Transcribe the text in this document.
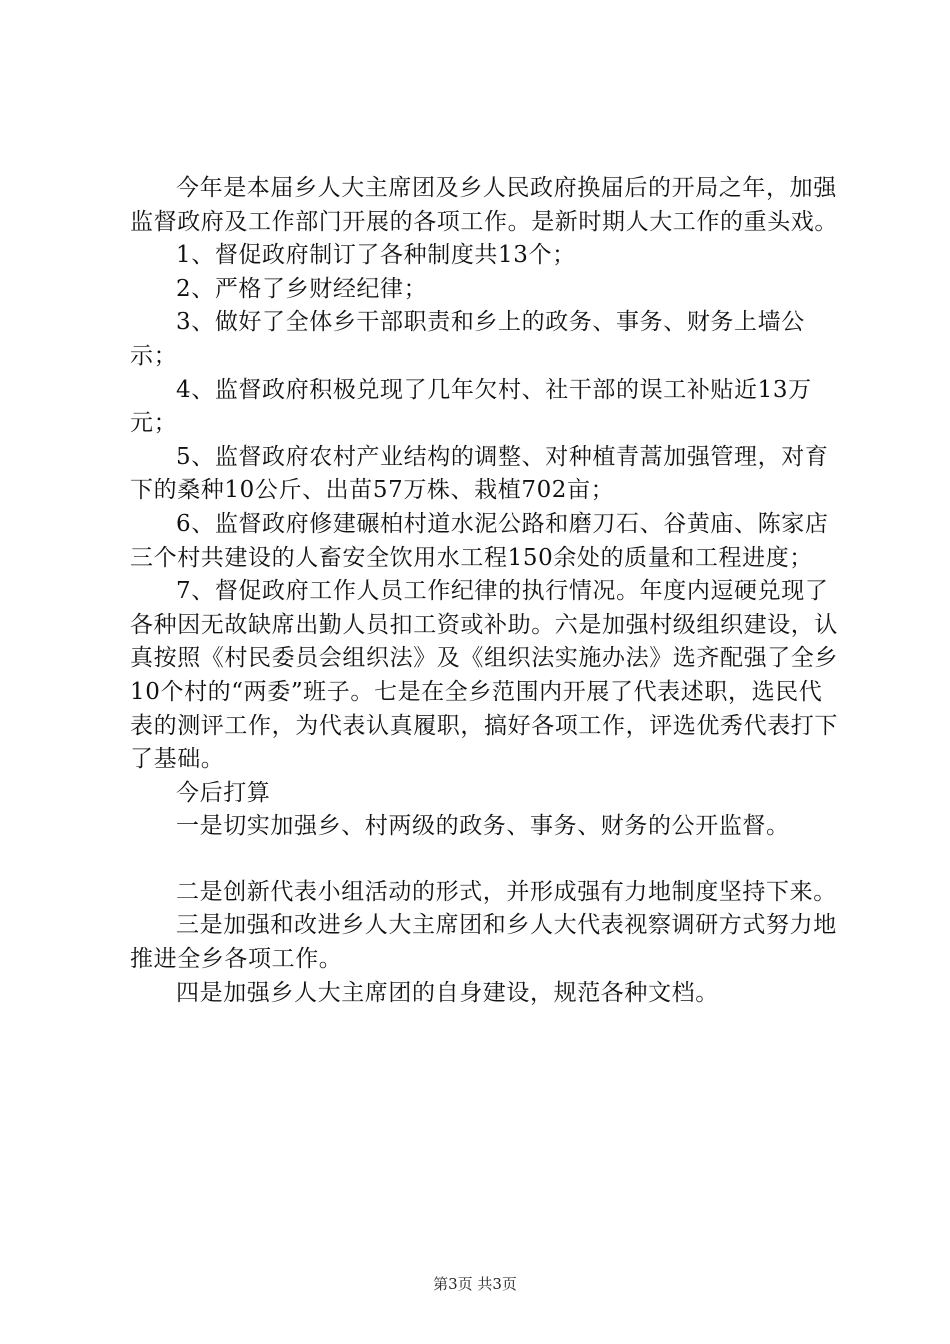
今年是本届乡人大主席团及乡人民政府换届后的开局之年，加强监督政府及工作部门开展的各项工作。是新时期人大工作的重头戏。

1、督促政府制订了各种制度共13个；

2、严格了乡财经纪律；

3、做好了全体乡干部职责和乡上的政务、事务、财务上墙公示；

4、监督政府积极兑现了几年欠村、社干部的误工补贴近13万元；

5、监督政府农村产业结构的调整、对种植青蒿加强管理，对育下的桑种10公斤、出苗57万株、栽植702亩；

6、监督政府修建碾柏村道水泥公路和磨刀石、谷黄庙、陈家店三个村共建设的人畜安全饮用水工程150余处的质量和工程进度；

7、督促政府工作人员工作纪律的执行情况。年度内逗硬兑现了各种因无故缺席出勤人员扣工资或补助。六是加强村级组织建设，认真按照《村民委员会组织法》及《组织法实施办法》选齐配强了全乡10个村的“两委”班子。七是在全乡范围内开展了代表述职，选民代表的测评工作，为代表认真履职，搞好各项工作，评选优秀代表打下了基础。

今后打算

一是切实加强乡、村两级的政务、事务、财务的公开监督。

二是创新代表小组活动的形式，并形成强有力地制度坚持下来。

三是加强和改进乡人大主席团和乡人大代表视察调研方式努力地推进全乡各项工作。

四是加强乡人大主席团的自身建设，规范各种文档。

第3页 共3页
